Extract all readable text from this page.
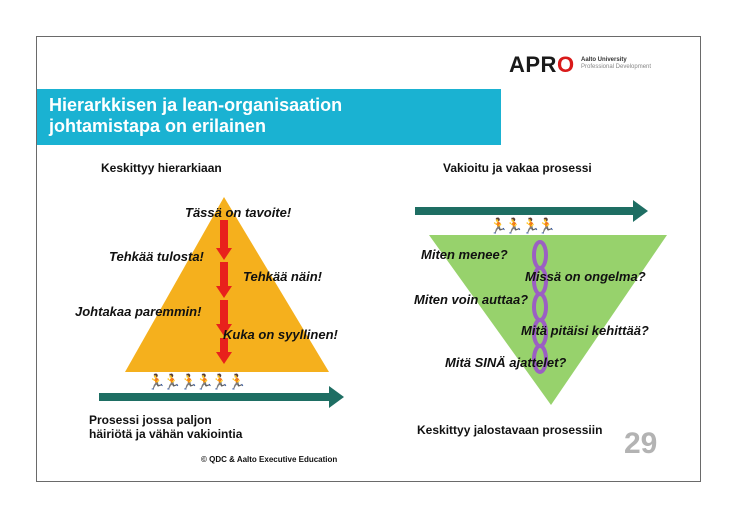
APRO Aalto University
Professional Development
Hierarkkisen ja lean-organisaation
johtamistapa on erilainen
🏃🏃 🏃🏃🏃 🏃
🏃🏃 🏃🏃
Keskittyy hierarkiaan	Vakioitu ja vakaa prosessi
Tässä on tavoite!
Tehkää tulosta!
Tehkää näin!
Johtakaa paremmin!
Kuka on syyllinen!
Miten menee?
Missä on ongelma?
Miten voin auttaa?
Mitä pitäisi kehittää?
Mitä SINÄ ajattelet?
Prosessi jossa paljon
häiriötä ja vähän vakiointia	Keskittyy jalostavaan prosessiin
© QDC & Aalto Executive Education	29
